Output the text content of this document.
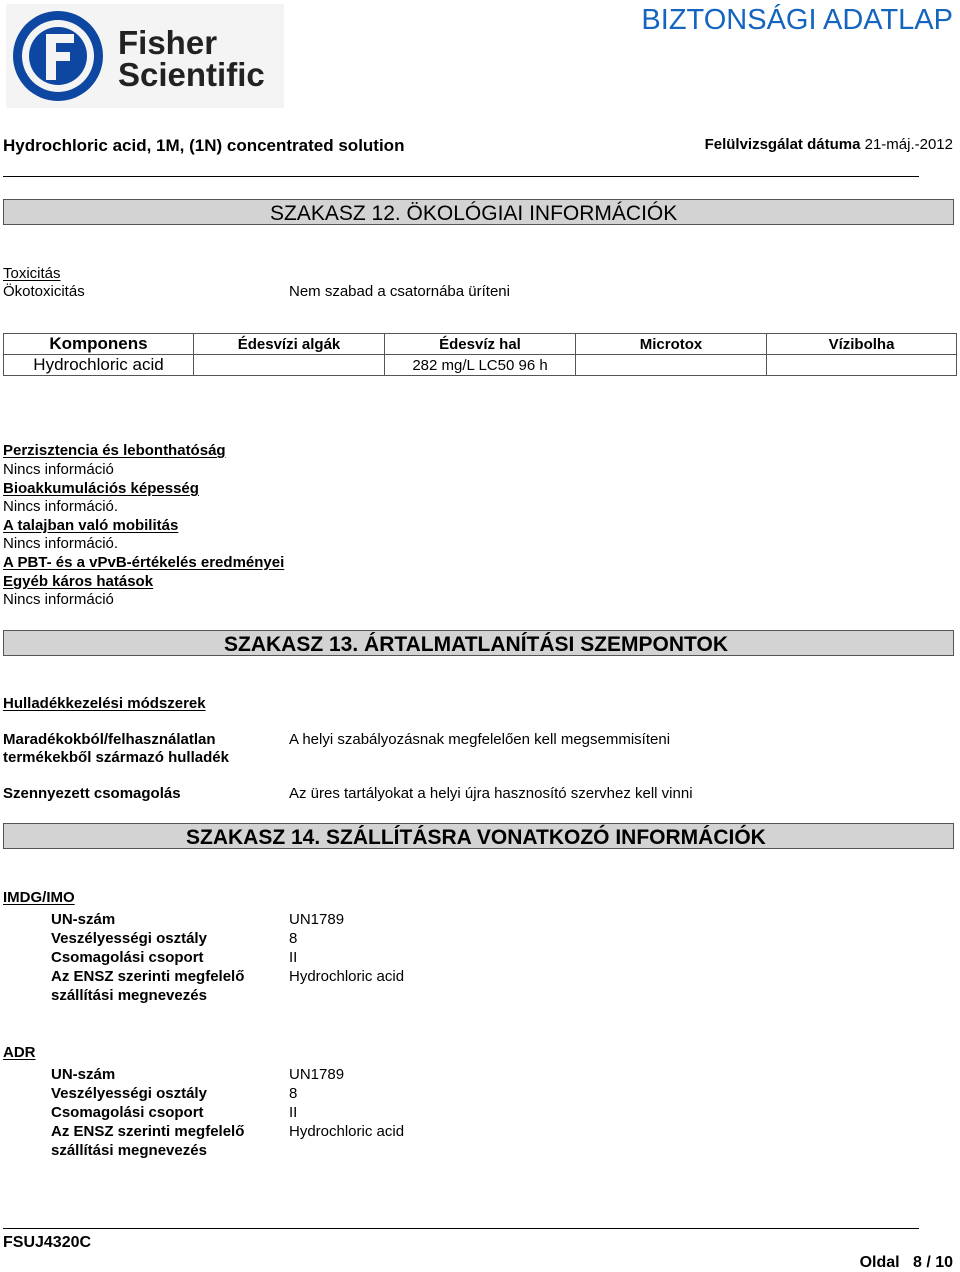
Fisher
Scientific
BIZTONSÁGI ADATLAP
Hydrochloric acid, 1M, (1N) concentrated solution	Felülvizsgálat dátuma 21-máj.-2012
SZAKASZ 12. ÖKOLÓGIAI INFORMÁCIÓK
Toxicitás
Ökotoxicitás	Nem szabad a csatornába üríteni
Komponens	Édesvízi algák	Édesvíz hal	Microtox	Vízibolha
Hydrochloric acid		282 mg/L LC50 96 h		
Perzisztencia és lebonthatóság
Nincs információ
Bioakkumulációs képesség
Nincs információ.
A talajban való mobilitás
Nincs információ.
A PBT- és a vPvB-értékelés eredményei
Egyéb káros hatások
Nincs információ
SZAKASZ 13. ÁRTALMATLANÍTÁSI SZEMPONTOK
Hulladékkezelési módszerek
Maradékokból/felhasználatlan
termékekből származó hulladék
A helyi szabályozásnak megfelelően kell megsemmisíteni
Szennyezett csomagolás	Az üres tartályokat a helyi újra hasznosító szervhez kell vinni
SZAKASZ 14. SZÁLLÍTÁSRA VONATKOZÓ INFORMÁCIÓK
IMDG/IMO
UN-szám	UN1789
Veszélyességi osztály	8
Csomagolási csoport	II
Az ENSZ szerinti megfelelő
szállítási megnevezés
Hydrochloric acid
ADR
UN-szám	UN1789
Veszélyességi osztály	8
Csomagolási csoport	II
Az ENSZ szerinti megfelelő
szállítási megnevezés
Hydrochloric acid
FSUJ4320C
Oldal 8 / 10
